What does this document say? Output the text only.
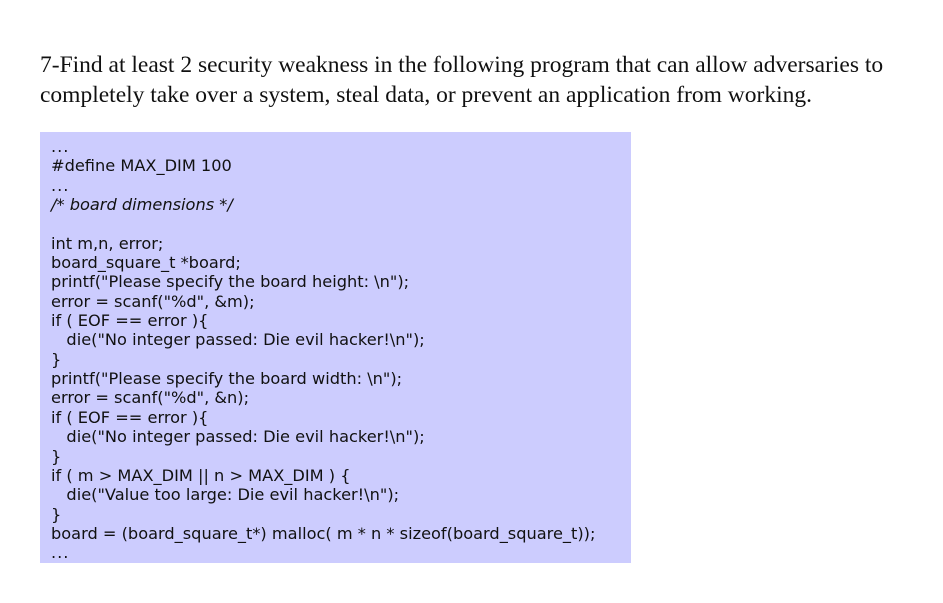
7-Find at least 2 security weakness in the following program that can allow adversaries to completely take over a system, steal data, or prevent an application from working.

...
#define MAX_DIM 100
...
/* board dimensions */
int m,n, error;
board_square_t *board;
printf("Please specify the board height: \n");
error = scanf("%d", &m);
if ( EOF == error ){
die("No integer passed: Die evil hacker!\n");
}
printf("Please specify the board width: \n");
error = scanf("%d", &n);
if ( EOF == error ){
die("No integer passed: Die evil hacker!\n");
}
if ( m > MAX_DIM || n > MAX_DIM ) {
die("Value too large: Die evil hacker!\n");
}
board = (board_square_t*) malloc( m * n * sizeof(board_square_t));
...
